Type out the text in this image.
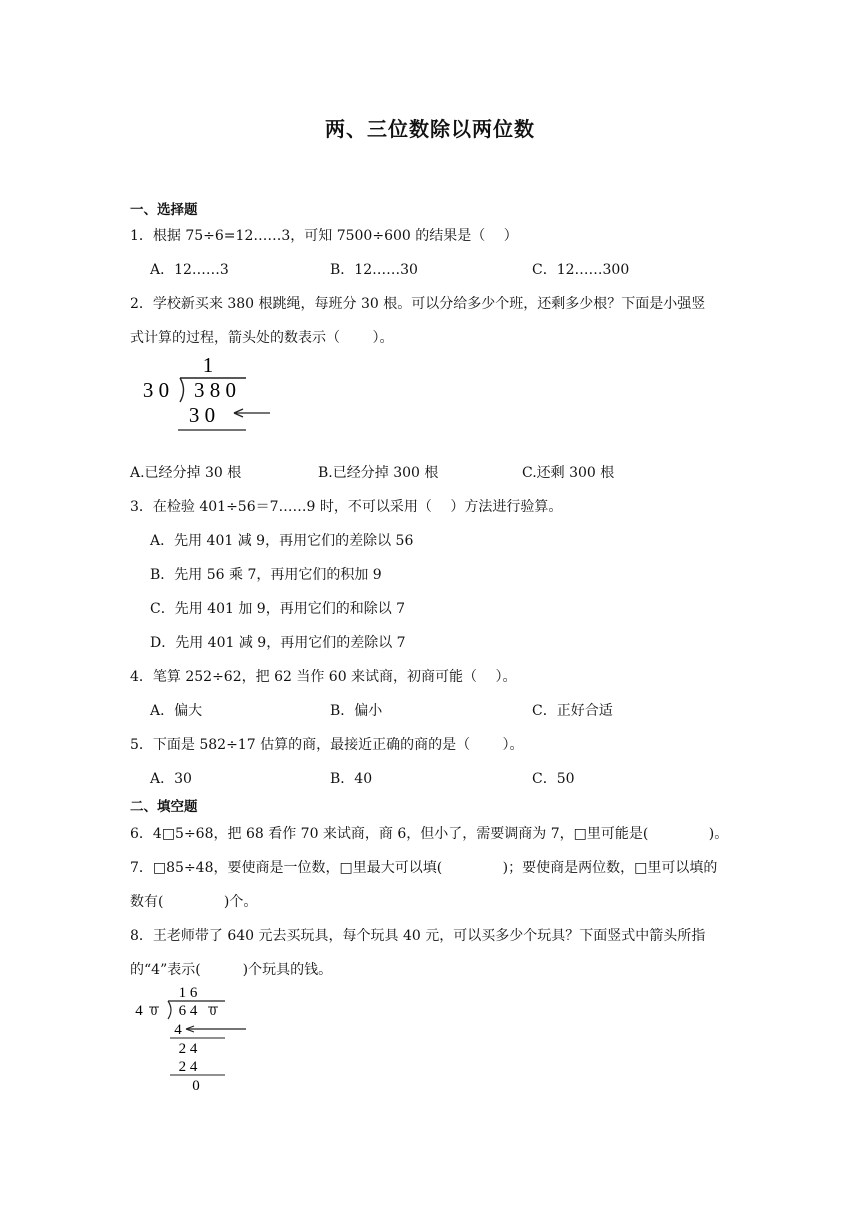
两、三位数除以两位数
一、选择题
1．根据 75÷6=12……3，可知 7500÷600 的结果是（　 ）
A．12……3	B．12……30	C．12……300
2．学校新买来 380 根跳绳，每班分 30 根。可以分给多少个班，还剩多少根？下面是小强竖
式计算的过程，箭头处的数表示（　　 ）。
1
3 0 3 8 0
3 0
A.已经分掉 30 根	B.已经分掉 300 根	C.还剩 300 根
3．在检验 401÷56＝7……9 时，不可以采用（　 ）方法进行验算。
A．先用 401 减 9，再用它们的差除以 56
B．先用 56 乘 7，再用它们的积加 9
C．先用 401 加 9，再用它们的和除以 7
D．先用 401 减 9，再用它们的差除以 7
4．笔算 252÷62，把 62 当作 60 来试商，初商可能（　 ）。
A．偏大	B．偏小	C．正好合适
5．下面是 582÷17 估算的商，最接近正确的商的是（　　 ）。
A．30	B．40	C．50
二、填空题
6．4□5÷68，把 68 看作 70 来试商，商 6，但小了，需要调商为 7，□里可能是(　　　　 )。
7．□85÷48，要使商是一位数，□里最大可以填(　　　　 )；要使商是两位数，□里可以填的
数有(　　　　 )个。
8．王老师带了 640 元去买玩具，每个玩具 40 元，可以买多少个玩具？下面竖式中箭头所指
的“4”表示(　　　)个玩具的钱。
1 6
4 0 6 4 0
4
2 4
2 4
0
